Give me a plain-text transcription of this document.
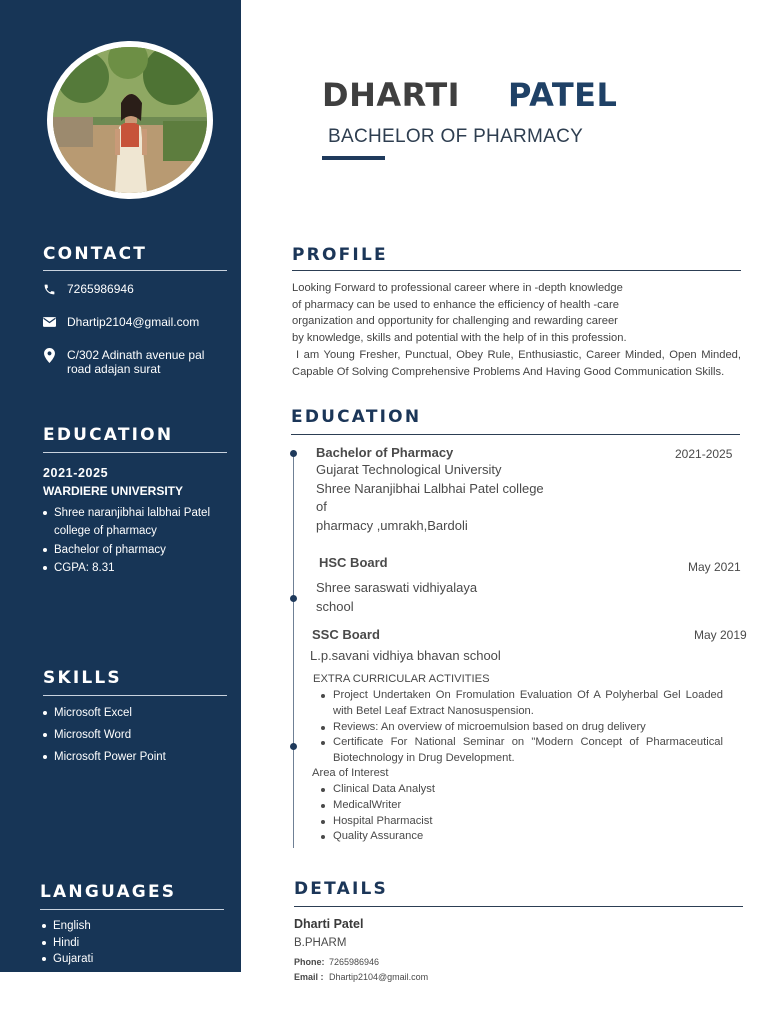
CONTACT
7265986946
Dhartip2104@gmail.com
C/302 Adinath avenue pal
road adajan surat
EDUCATION
2021-2025
WARDIERE UNIVERSITY
Shree naranjibhai lalbhai Patel college of pharmacy
Bachelor of pharmacy
CGPA: 8.31
SKILLS
Microsoft Excel
Microsoft Word
Microsoft Power Point
LANGUAGES
English
Hindi
Gujarati
DHARTI PATEL
BACHELOR OF PHARMACY
PROFILE

Looking Forward to professional career where in -depth knowledge
of pharmacy can be used to enhance the efficiency of health -care
organization and opportunity for challenging and rewarding career
by knowledge, skills and potential with the help of in this profession.

I am Young Fresher, Punctual, Obey Rule, Enthusiastic, Career Minded, Open Minded, Capable Of Solving Comprehensive Problems And Having Good Communication Skills.

EDUCATION
Bachelor of Pharmacy	2021-2025
Gujarat Technological University
Shree Naranjibhai Lalbhai Patel college
of
pharmacy ,umrakh,Bardoli
HSC Board	May 2021
Shree saraswati vidhiyalaya
school
SSC Board	May 2019
L.p.savani vidhiya bhavan school
EXTRA CURRICULAR ACTIVITIES
Project Undertaken On Fromulation Evaluation Of A Polyherbal Gel Loaded with Betel Leaf Extract Nanosuspension.
Reviews: An overview of microemulsion based on drug delivery
Certificate For National Seminar on "Modern Concept of Pharmaceutical Biotechnology in Drug Development.
Area of Interest
Clinical Data Analyst
MedicalWriter
Hospital Pharmacist
Quality Assurance
DETAILS
Dharti Patel
B.PHARM
Phone: 7265986946
Email : Dhartip2104@gmail.com
